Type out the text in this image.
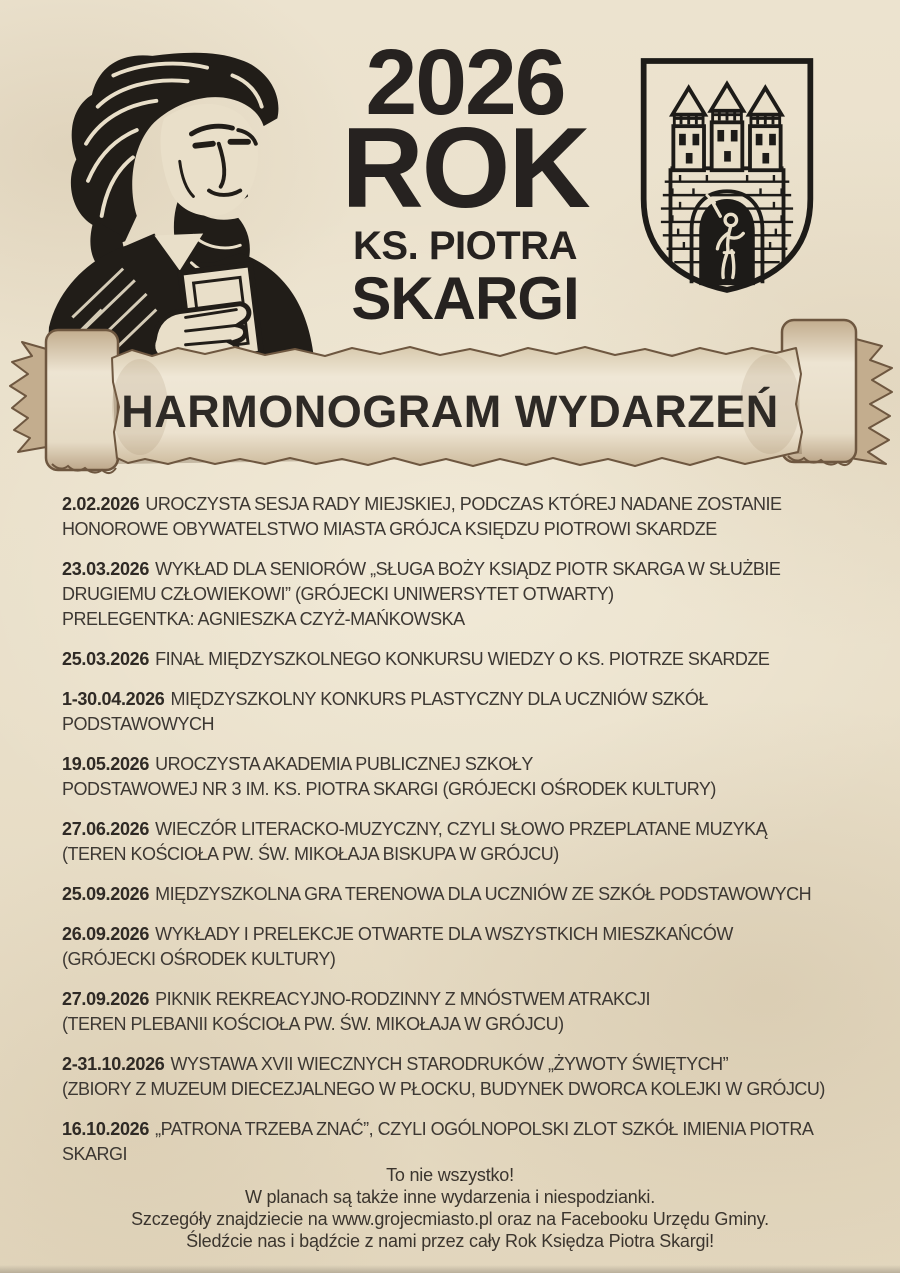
2026
ROK
KS. PIOTRA
SKARGI
HARMONOGRAM WYDARZEŃ
2.02.2026 UROCZYSTA SESJA RADY MIEJSKIEJ, PODCZAS KTÓREJ NADANE ZOSTANIE
HONOROWE OBYWATELSTWO MIASTA GRÓJCA KSIĘDZU PIOTROWI SKARDZE
23.03.2026 WYKŁAD DLA SENIORÓW „SŁUGA BOŻY KSIĄDZ PIOTR SKARGA W SŁUŻBIE
DRUGIEMU CZŁOWIEKOWI” (GRÓJECKI UNIWERSYTET OTWARTY)
PRELEGENTKA: AGNIESZKA CZYŻ-MAŃKOWSKA
25.03.2026 FINAŁ MIĘDZYSZKOLNEGO KONKURSU WIEDZY O KS. PIOTRZE SKARDZE
1-30.04.2026 MIĘDZYSZKOLNY KONKURS PLASTYCZNY DLA UCZNIÓW SZKÓŁ
PODSTAWOWYCH
19.05.2026 UROCZYSTA AKADEMIA PUBLICZNEJ SZKOŁY
PODSTAWOWEJ NR 3 IM. KS. PIOTRA SKARGI (GRÓJECKI OŚRODEK KULTURY)
27.06.2026 WIECZÓR LITERACKO-MUZYCZNY, CZYLI SŁOWO PRZEPLATANE MUZYKĄ
(TEREN KOŚCIOŁA PW. ŚW. MIKOŁAJA BISKUPA W GRÓJCU)
25.09.2026 MIĘDZYSZKOLNA GRA TERENOWA DLA UCZNIÓW ZE SZKÓŁ PODSTAWOWYCH
26.09.2026 WYKŁADY I PRELEKCJE OTWARTE DLA WSZYSTKICH MIESZKAŃCÓW
(GRÓJECKI OŚRODEK KULTURY)
27.09.2026 PIKNIK REKREACYJNO-RODZINNY Z MNÓSTWEM ATRAKCJI
(TEREN PLEBANII KOŚCIOŁA PW. ŚW. MIKOŁAJA W GRÓJCU)
2-31.10.2026 WYSTAWA XVII WIECZNYCH STARODRUKÓW „ŻYWOTY ŚWIĘTYCH”
(ZBIORY Z MUZEUM DIECEZJALNEGO W PŁOCKU, BUDYNEK DWORCA KOLEJKI W GRÓJCU)
16.10.2026 „PATRONA TRZEBA ZNAĆ”, CZYLI OGÓLNOPOLSKI ZLOT SZKÓŁ IMIENIA PIOTRA
SKARGI
To nie wszystko!
W planach są także inne wydarzenia i niespodzianki.
Szczegóły znajdziecie na www.grojecmiasto.pl oraz na Facebooku Urzędu Gminy.
Śledźcie nas i bądźcie z nami przez cały Rok Księdza Piotra Skargi!
